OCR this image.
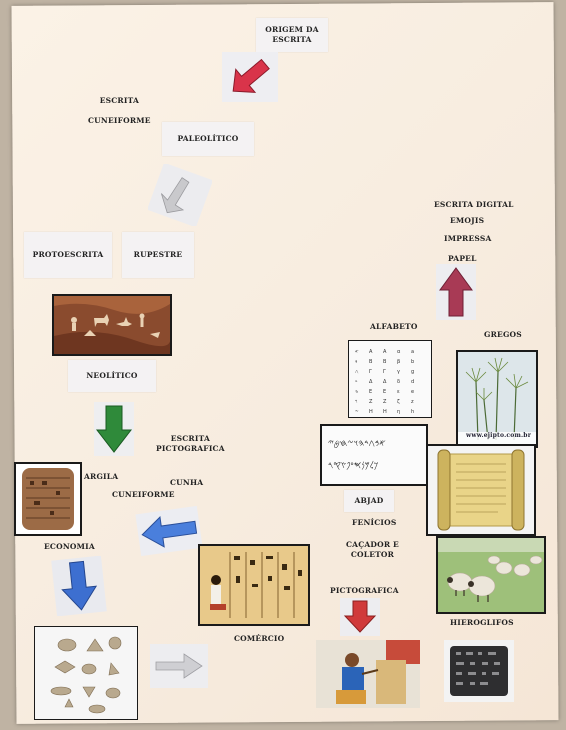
ORIGEM DA
ESCRITA
ESCRITA

CUNEIFORME
PALEOLÍTICO
PROTOESCRITA	RUPESTRE
NEOLÍTICO
ESCRITA
PICTOGRAFICA
ARGILA
CUNHA
CUNEIFORME
ECONOMIA
COMÉRCIO
ESCRITA DIGITAL
EMOJIS
IMPRESSA
PAPEL
ALFABETO
GREGOS
𐤀 A Α α a
𐤁 B Β β b
𐤂 Γ Γ γ g
𐤃 Δ Δ δ d
𐤄 E Ε ε e
𐤅 Z Ζ ζ z
𐤆 H Η η h
www.ejipto.com.br
𐤀𐤁𐤂𐤃𐤄𐤅𐤆𐤇𐤈𐤉
𐤊𐤋𐤌𐤍𐤎𐤏𐤐𐤑𐤒𐤓
ABJAD
FENÍCIOS
CAÇADOR E
COLETOR
PICTOGRAFICA
HIEROGLIFOS
